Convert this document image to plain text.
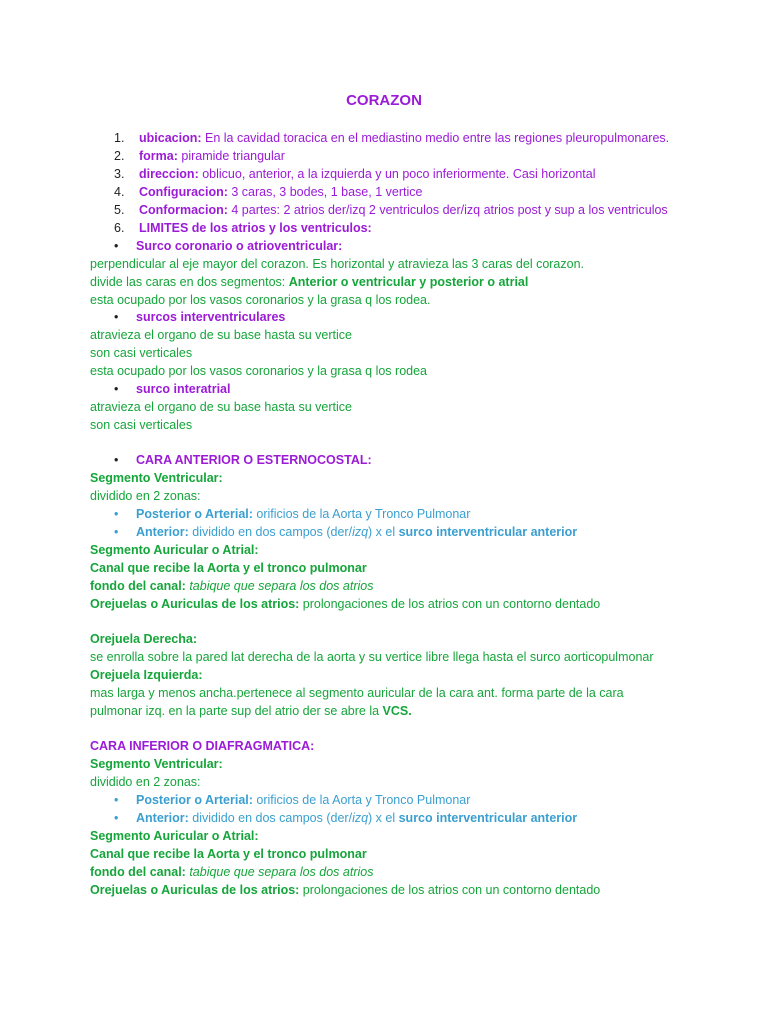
CORAZON
1. ubicacion: En la cavidad toracica en el mediastino medio entre las regiones pleuropulmonares.
2. forma: piramide triangular
3. direccion: oblicuo, anterior, a la izquierda y un poco inferiormente. Casi horizontal
4. Configuracion: 3 caras, 3 bodes, 1 base, 1 vertice
5. Conformacion: 4 partes: 2 atrios der/izq 2 ventriculos der/izq atrios post y sup a los ventriculos
6. LIMITES de los atrios y los ventriculos:
• Surco coronario o atrioventricular:
perpendicular al eje mayor del corazon. Es horizontal y atravieza las 3 caras del corazon.
divide las caras en dos segmentos: Anterior o ventricular y posterior o atrial
esta ocupado por los vasos coronarios y la grasa q los rodea.
• surcos interventriculares
atravieza el organo de su base hasta su vertice
son casi verticales
esta ocupado por los vasos coronarios y la grasa q los rodea
• surco interatrial
atravieza el organo de su base hasta su vertice
son casi verticales
• CARA ANTERIOR O ESTERNOCOSTAL:
Segmento Ventricular:
dividido en 2 zonas:
• Posterior o Arterial: orificios de la Aorta y Tronco Pulmonar
• Anterior: dividido en dos campos (der/izq) x el surco interventricular anterior
Segmento Auricular o Atrial:
Canal que recibe la Aorta y el tronco pulmonar
fondo del canal: tabique que separa los dos atrios
Orejuelas o Auriculas de los atrios: prolongaciones de los atrios con un contorno dentado
Orejuela Derecha:
se enrolla sobre la pared lat derecha de la aorta y su vertice libre llega hasta el surco aorticopulmonar
Orejuela Izquierda:
mas larga y menos ancha.pertenece al segmento auricular de la cara ant. forma parte de la cara
pulmonar izq. en la parte sup del atrio der se abre la VCS.
CARA INFERIOR O DIAFRAGMATICA:
Segmento Ventricular:
dividido en 2 zonas:
• Posterior o Arterial: orificios de la Aorta y Tronco Pulmonar
• Anterior: dividido en dos campos (der/izq) x el surco interventricular anterior
Segmento Auricular o Atrial:
Canal que recibe la Aorta y el tronco pulmonar
fondo del canal: tabique que separa los dos atrios
Orejuelas o Auriculas de los atrios: prolongaciones de los atrios con un contorno dentado
